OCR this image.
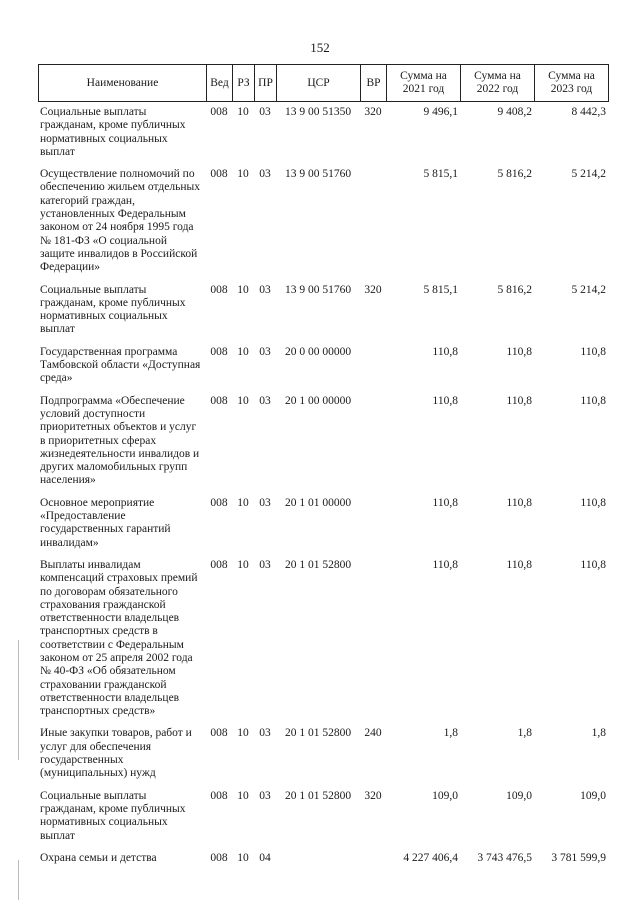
152
Наименование	Вед	РЗ	ПР	ЦСР	ВР	Сумма на 2021 год	Сумма на 2022 год	Сумма на 2023 год
Социальные выплаты гражданам, кроме публичных нормативных социальных выплат	008	10	03	13 9 00 51350	320	9 496,1	9 408,2	8 442,3
Осуществление полномочий по обеспечению жильем отдельных категорий граждан, установленных Федеральным законом от 24 ноября 1995 года № 181-ФЗ «О социальной защите инвалидов в Российской Федерации»	008	10	03	13 9 00 51760		5 815,1	5 816,2	5 214,2
Социальные выплаты гражданам, кроме публичных нормативных социальных выплат	008	10	03	13 9 00 51760	320	5 815,1	5 816,2	5 214,2
Государственная программа Тамбовской области «Доступная среда»	008	10	03	20 0 00 00000		110,8	110,8	110,8
Подпрограмма «Обеспечение условий доступности приоритетных объектов и услуг в приоритетных сферах жизнедеятельности инвалидов и других маломобильных групп населения»	008	10	03	20 1 00 00000		110,8	110,8	110,8
Основное мероприятие «Предоставление государственных гарантий инвалидам»	008	10	03	20 1 01 00000		110,8	110,8	110,8
Выплаты инвалидам компенсаций страховых премий по договорам обязательного страхования гражданской ответственности владельцев транспортных средств в соответствии с Федеральным законом от 25 апреля 2002 года № 40-ФЗ «Об обязательном страховании гражданской ответственности владельцев транспортных средств»	008	10	03	20 1 01 52800		110,8	110,8	110,8
Иные закупки товаров, работ и услуг для обеспечения государственных (муниципальных) нужд	008	10	03	20 1 01 52800	240	1,8	1,8	1,8
Социальные выплаты гражданам, кроме публичных нормативных социальных выплат	008	10	03	20 1 01 52800	320	109,0	109,0	109,0
Охрана семьи и детства	008	10	04			4 227 406,4	3 743 476,5	3 781 599,9
